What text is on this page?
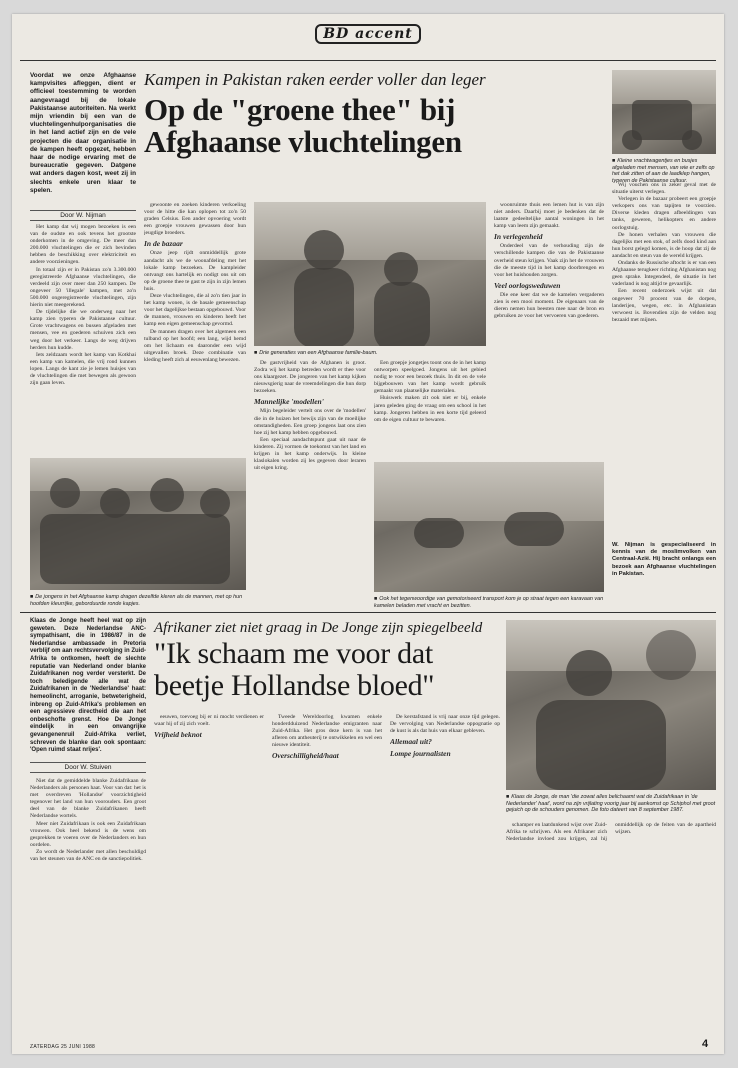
BD accent
Voordat we onze Afghaanse kampvisites afleggen, dient er officieel toestemming te worden aangevraagd bij de lokale Pakistaanse autoriteiten. Na werkt mijn vriendin bij een van de vluchtelingenhulporganisaties die in het land actief zijn en de vele projecten die daar organisatie in de kampen heeft opgezet, hebben haar de nodige ervaring met de bureaucratie gegeven. Datgene wat anders dagen kost, weet zij in slechts enkele uren klaar te spelen.
Door W. Nijman
Kampen in Pakistan raken eerder voller dan leger
Op de "groene thee" bij Afghaanse vluchtelingen
■ Kleine vrachtwagentjes en busjes afgeladen met mensen, van wie er zelfs op het dak zitten of aan de laadklep hangen, typeren de Pakistaanse cultuur.

Het kamp dat wij mogen bezoeken is een van de oudste en ook tevens het grootste onderkomen in de omgeving. De meer dan 200.000 vluchtelingen die er zich bevinden hebben de beschikking over elektriciteit en andere voorzieningen.

In totaal zijn er in Pakistan zo'n 3.300.000 geregistreerde Afghaanse vluchtelingen, die verdeeld zijn over meer dan 250 kampen. De ongeveer 50 'illegale' kampen, met zo'n 500.000 ongeregistreerde vluchtelingen, zijn hierin niet meegerekend.

De tijdelijke die we onderweg naar het kamp zien typeren de Pakistaanse cultuur. Grote vrachtwagens en bussen afgeladen met mensen, vee en goederen schuiven zich een weg door het verkeer. Langs de weg drijven herders hun kudde.

Iets zeldzaam wordt het kamp van Kotkhai een kamp van kamelen, die vrij rond kunnen lopen. Langs de kant zie je lemen huisjes van de vluchtelingen die met bewegen als gewoon zijn gaan leven.

gewoonte en zoeken kinderen verkoeling voor de hitte die kan oplopen tot zo'n 50 graden Celsius. Een ander opvoering wordt een groepje vrouwen gewassen door hun jeugdige broeders.

In de bazaar

Onze jeep rijdt onmiddellijk grote aandacht als we de woonafdeling met het lokale kamp bezoeken. De kampleider ontvangt ons hartelijk en nodigt ons uit om op de groene thee te gast te zijn in zijn lemen huis.

Deze vluchtelingen, die al zo'n tien jaar in het kamp wonen, is de basale gemeenschap voor het dagelijkse bestaan opgebouwd. Voor de mannen, vrouwen en kinderen heeft het kamp een eigen gemeenschap gevormd.

De mannen dragen over het algemeen een tulband op het hoofd; een lang, wijd hemd om het lichaam en daaronder een wijd uitgevallen broek. Deze combinatie van kleding heeft zich al eeuwenlang bewezen.

■ Drie generaties van een Afghaanse familie-baum.

De gastvrijheid van de Afghanen is groot. Zodra wij het kamp betreden wordt er thee voor ons klaargezet. De jongeren van het kamp kijken nieuwsgierig naar de vreemdelingen die hun dorp bezoeken.

Mannelijke 'modellen'

Mijn begeleider vertelt ons over de 'modellen' die in de huizen het bewijs zijn van de moeilijke omstandigheden. Een groep jongens laat ons zien hoe zij het kamp hebben opgebouwd.

Een speciaal aandachtspunt gaat uit naar de kinderen. Zij vormen de toekomst van het land en krijgen in het kamp onderwijs. In kleine klaslokalen worden zij les gegeven door leraren uit eigen kring.

Een groepje jongetjes toont ons de in het kamp ontworpen speelgoed. Jongens uit het gebied nodig te voor een bezoek thuis. In dit en de vele bijgebouwen van het kamp wordt gebruik gemaakt van plaatselijke materialen.

Huiswerk maken zit ook niet er bij, enkele jaren geleden ging de vraag om een school in het kamp. Jongeren hebben in een korte tijd geleerd om de eigen cultuur te bewaren.

woonruimte thuis een lemen hut is van zijn niet anders. Daarbij moet je bedenken dat de laatste gedeeltelijke aantal woningen in het kamp van leem zijn gemaakt.

In verlegenheid

Onderdeel van de verhouding zijn de verschillende kampen die van de Pakistaanse overheid steun krijgen. Vaak zijn het de vrouwen die de meeste tijd in het kamp doorbrengen en voor het huishouden zorgen.

Veel oorlogsweduwen

Die ene keer dat we de kamelen vergaderen zien is een mooi moment. De eigenaars van de dieren nemen hun beesten mee naar de bron en gebruiken ze voor het vervoeren van goederen.

Wij vouchen ons in zeker geval met de situatie uiterst verlegen.

Verlegen in de bazaar probeert een groepje verkopers ons van tapijten te voorzien. Diverse kleden dragen afbeeldingen van tanks, geweren, helikopters en andere oorlogstuig.

De honen verhalen van vrouwen die dagelijks met een stok, of zelfs dood kind aan hun borst gelegd komen, is de hoop dat zij de aandacht en steun van de wereld krijgen.

Ondanks de Russische aftocht is er van een Afghaanse terugkeer richting Afghanistan nog geen sprake. Integendeel, de situatie in het vaderland is nog altijd te gevaarlijk.

Een recent onderzoek wijst uit dat ongeveer 70 procent van de dorpen, landerijen, wegen, etc. in Afghanistan verwoest is. Bovendien zijn de velden nog bezaaid met mijnen.

W. Nijman is gespecialiseerd in kennis van de moslimvolken van Centraal-Azië. Hij bracht onlangs een bezoek aan Afghaanse vluchtelingen in Pakistan.
■ De jongens in het Afghaanse kamp dragen dezelfde kleren als de mannen, met op hun hoofden kleurrijke, geborduurde ronde kapjes.
■ Ook het tegenwoordige van gemotoriseerd transport kom je op straat tegen een karavaan van kamelen beladen met vracht en bezitten.
Klaas de Jonge heeft heel wat op zijn geweten. Deze Nederlandse ANC-sympathisant, die in 1986/87 in de Nederlandse ambassade in Pretoria verblijf om aan rechtsvervolging in Zuid-Afrika te ontkomen, heeft de slechte reputatie van Nederland onder blanke Zuidafrikanen nog verder versterkt. De toch beledigende alle wat de Zuidafrikanen in de 'Nederlandse' haat: hemeolincht, arroganie, betweterigheid, inbreng op Zuid-Afrika's problemen en een agressieve directheid die aan het onbeschofte grenst. Hoe De Jonge eindelijk in een onvangrijke gevangenenruil Zuid-Afrika verliet, schreven de blanke dan ook spontaan: 'Open ruimd staat nrijes'.
Door W. Stuiven
Afrikaner ziet niet graag in De Jonge zijn spiegelbeeld
"Ik schaam me voor dat beetje Hollandse bloed"
■ Klaas de Jonge, de man 'die zowat alles belichaamt wat de Zuidafrikaan in 'de Nederlander' haat', word na zijn vrijlating voorig jaar bij aankomst op Schiphol met groot gejuich op de schouders genomen. De foto dateert van 8 september 1987.

Niet dat de gemiddelde blanke Zuidafrikaan de Nederlanders als personen haat. Voor van dat: het is met overdreven 'Hollandse' voorzichtigheid tegenover het land van hun voorouders. Een groot deel van de blanke Zuidafrikanen heeft Nederlandse wortels.

Meer niet Zuidafrikaan is ook een Zuidafrikaan vrouwen. Ook heel bekend is de wens om gesprekken te voeren over de Nederlanders en hun oordelen.

Zo wordt de Nederlander met allen beschuldigd van het steunen van de ANC en de sanctiepolitiek.

eeuwen, toevoeg bij er ni mocht verdienen er waar hij of zij zich voelt.

Vrijheid beknot

Tweede Wereldoorlog kwamen enkele honderdduizend Nederlandse emigranten naar Zuid-Afrika. Het gros deze kern is van het afleren om antheuterij te ontwikkelen en wel een nieuwe identiteit.

Overschilligheid/haat

De kerstafstand is vrij naar onze tijd gelegen. De vervolging van Nederlandse oppognatie op de kust is als dat huis van elkaar gebleven.

Allemaal uit?
Lompe journalisten

schamper en laatdunkend wijst over Zuid-Afrika te schrijven. Als een Afrikaner zich Nederlandse invloed zou krijgen, zal hij onmiddellijk op de feiten van de apartheid wijzen.

ZATERDAG 25 JUNI 1988	4
